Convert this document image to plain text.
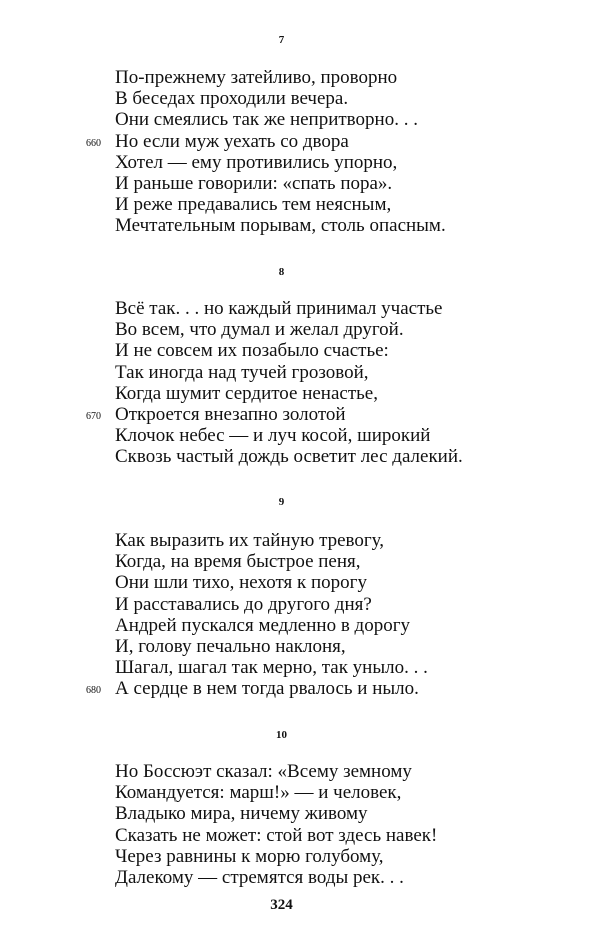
7
По-прежнему затейливо, проворно
В беседах проходили вечера.
Они смеялись так же непритворно. . .
660 Но если муж уехать со двора
Хотел — ему противились упорно,
И раньше говорили: «спать пора».
И реже предавались тем неясным,
Мечтательным порывам, столь опасным.
8
Всё так. . . но каждый принимал участье
Во всем, что думал и желал другой.
И не совсем их позабыло счастье:
Так иногда над тучей грозовой,
Когда шумит сердитое ненастье,
670 Откроется внезапно золотой
Клочок небес — и луч косой, широкий
Сквозь частый дождь осветит лес далекий.
9
Как выразить их тайную тревогу,
Когда, на время быстрое пеня,
Они шли тихо, нехотя к порогу
И расставались до другого дня?
Андрей пускался медленно в дорогу
И, голову печально наклоня,
Шагал, шагал так мерно, так уныло. . .
680 А сердце в нем тогда рвалось и ныло.
10
Но Боссюэт сказал: «Всему земному
Командуется: марш!» — и человек,
Владыко мира, ничему живому
Сказать не может: стой вот здесь навек!
Через равнины к морю голубому,
Далекому — стремятся воды рек. . .
324
